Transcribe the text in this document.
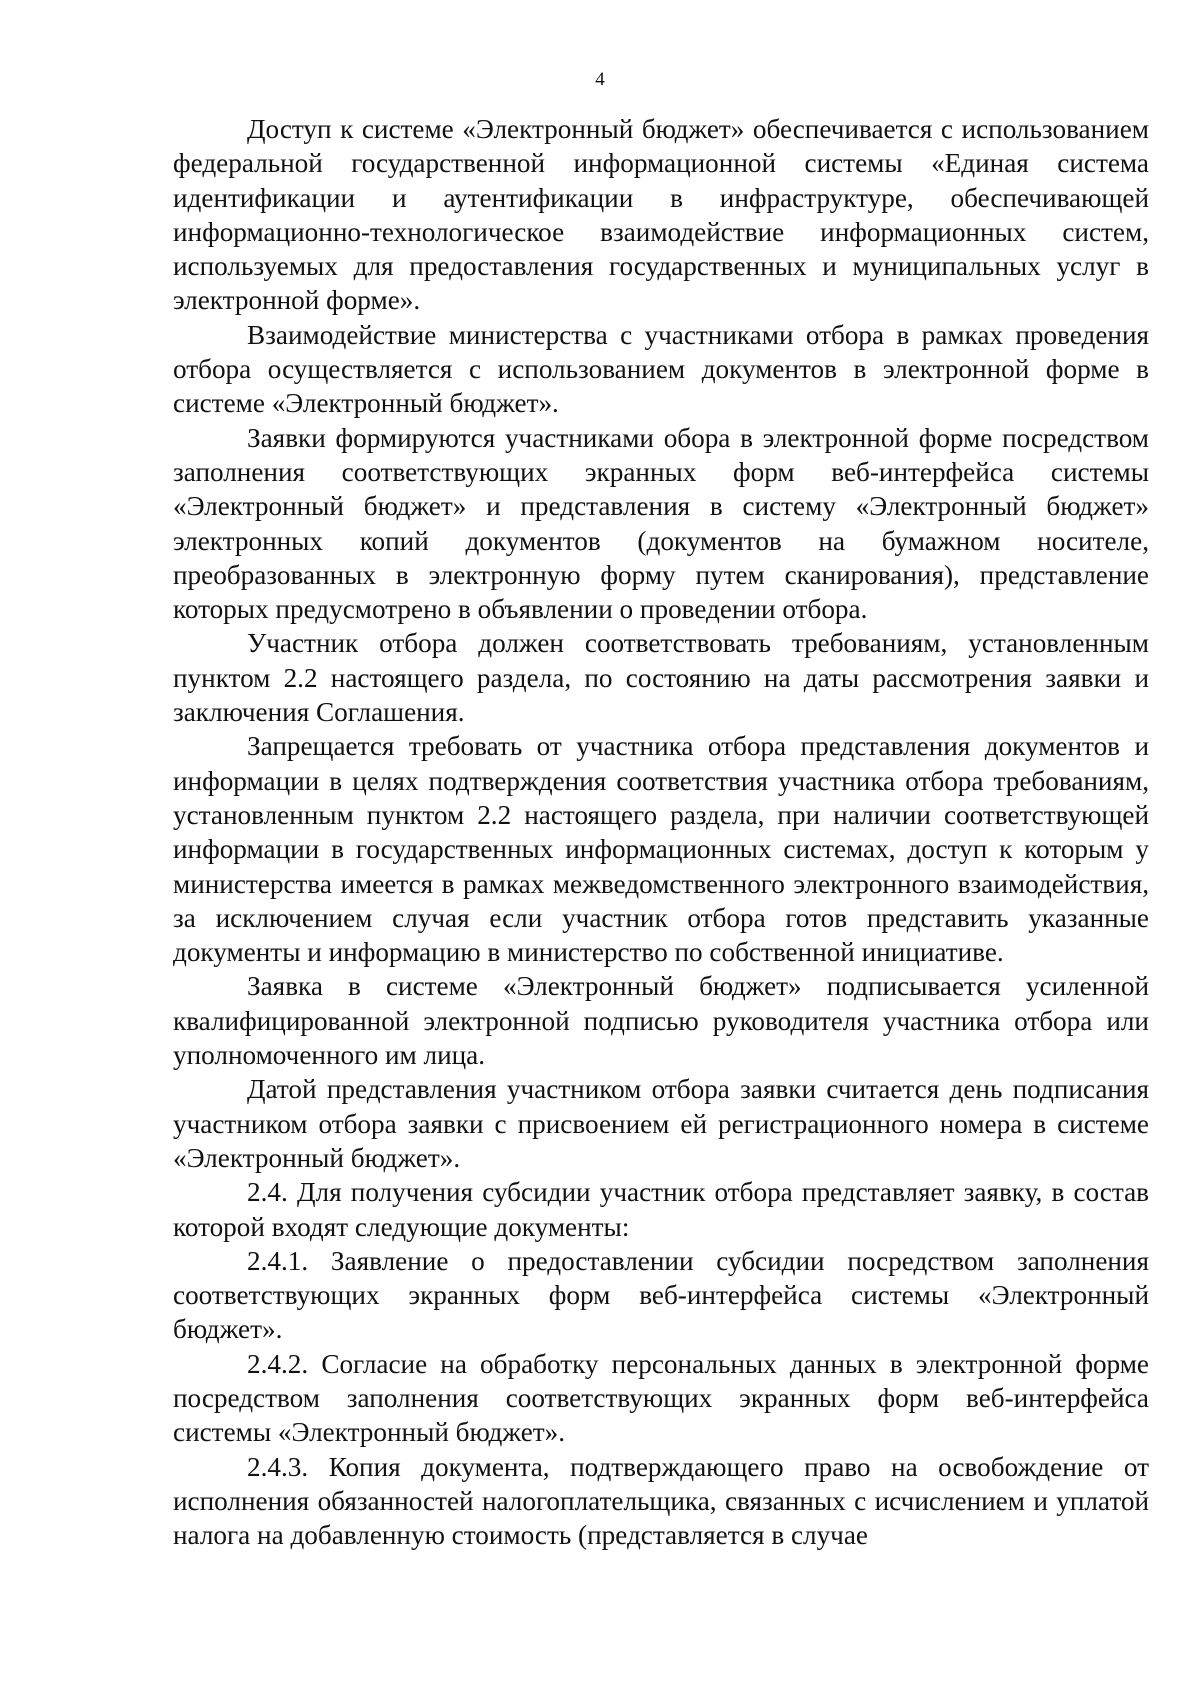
4

Доступ к системе «Электронный бюджет» обеспечивается с использованием федеральной государственной информационной системы «Единая система идентификации и аутентификации в инфраструктуре, обеспечивающей информационно-технологическое взаимодействие информационных систем, используемых для предоставления государственных и муниципальных услуг в электронной форме».

Взаимодействие министерства с участниками отбора в рамках проведения отбора осуществляется с использованием документов в электронной форме в системе «Электронный бюджет».

Заявки формируются участниками обора в электронной форме посредством заполнения соответствующих экранных форм веб-интерфейса системы «Электронный бюджет» и представления в систему «Электронный бюджет» электронных копий документов (документов на бумажном носителе, преобразованных в электронную форму путем сканирования), представление которых предусмотрено в объявлении о проведении отбора.

Участник отбора должен соответствовать требованиям, установленным пунктом 2.2 настоящего раздела, по состоянию на даты рассмотрения заявки и заключения Соглашения.

Запрещается требовать от участника отбора представления документов и информации в целях подтверждения соответствия участника отбора требованиям, установленным пунктом 2.2 настоящего раздела, при наличии соответствующей информации в государственных информационных системах, доступ к которым у министерства имеется в рамках межведомственного электронного взаимодействия, за исключением случая если участник отбора готов представить указанные документы и информацию в министерство по собственной инициативе.

Заявка в системе «Электронный бюджет» подписывается усиленной квалифицированной электронной подписью руководителя участника отбора или уполномоченного им лица.

Датой представления участником отбора заявки считается день подписания участником отбора заявки с присвоением ей регистрационного номера в системе «Электронный бюджет».

2.4. Для получения субсидии участник отбора представляет заявку, в состав которой входят следующие документы:

2.4.1. Заявление о предоставлении субсидии посредством заполнения соответствующих экранных форм веб-интерфейса системы «Электронный бюджет».

2.4.2. Согласие на обработку персональных данных в электронной форме посредством заполнения соответствующих экранных форм веб-интерфейса системы «Электронный бюджет».

2.4.3. Копия документа, подтверждающего право на освобождение от исполнения обязанностей налогоплательщика, связанных с исчислением и уплатой налога на добавленную стоимость (представляется в случае
